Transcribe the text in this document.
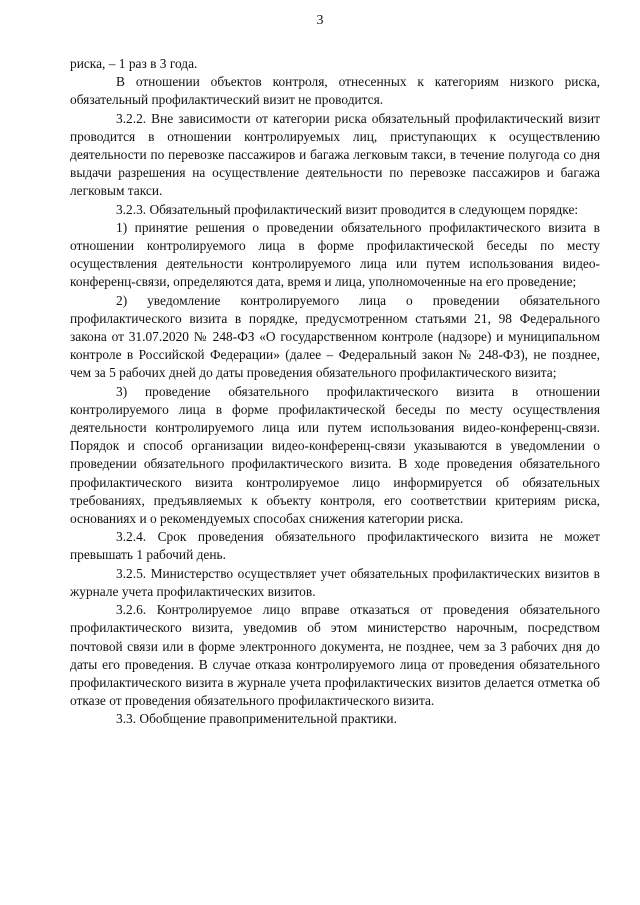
3

риска, – 1 раз в 3 года.

В отношении объектов контроля, отнесенных к категориям низкого риска, обязательный профилактический визит не проводится.

3.2.2. Вне зависимости от категории риска обязательный профилактический визит проводится в отношении контролируемых лиц, приступающих к осуществлению деятельности по перевозке пассажиров и багажа легковым такси, в течение полугода со дня выдачи разрешения на осуществление деятельности по перевозке пассажиров и багажа легковым такси.

3.2.3. Обязательный профилактический визит проводится в следующем порядке:

1) принятие решения о проведении обязательного профилактического визита в отношении контролируемого лица в форме профилактической беседы по месту осуществления деятельности контролируемого лица или путем использования видео-конференц-связи, определяются дата, время и лица, уполномоченные на его проведение;

2) уведомление контролируемого лица о проведении обязательного профилактического визита в порядке, предусмотренном статьями 21, 98 Федерального закона от 31.07.2020 № 248-ФЗ «О государственном контроле (надзоре) и муниципальном контроле в Российской Федерации» (далее – Федеральный закон № 248-ФЗ), не позднее, чем за 5 рабочих дней до даты проведения обязательного профилактического визита;

3) проведение обязательного профилактического визита в отношении контролируемого лица в форме профилактической беседы по месту осуществления деятельности контролируемого лица или путем использования видео-конференц-связи. Порядок и способ организации видео-конференц-связи указываются в уведомлении о проведении обязательного профилактического визита. В ходе проведения обязательного профилактического визита контролируемое лицо информируется об обязательных требованиях, предъявляемых к объекту контроля, его соответствии критериям риска, основаниях и о рекомендуемых способах снижения категории риска.

3.2.4. Срок проведения обязательного профилактического визита не может превышать 1 рабочий день.

3.2.5. Министерство осуществляет учет обязательных профилактических визитов в журнале учета профилактических визитов.

3.2.6. Контролируемое лицо вправе отказаться от проведения обязательного профилактического визита, уведомив об этом министерство нарочным, посредством почтовой связи или в форме электронного документа, не позднее, чем за 3 рабочих дня до даты его проведения. В случае отказа контролируемого лица от проведения обязательного профилактического визита в журнале учета профилактических визитов делается отметка об отказе от проведения обязательного профилактического визита.

3.3. Обобщение правоприменительной практики.
